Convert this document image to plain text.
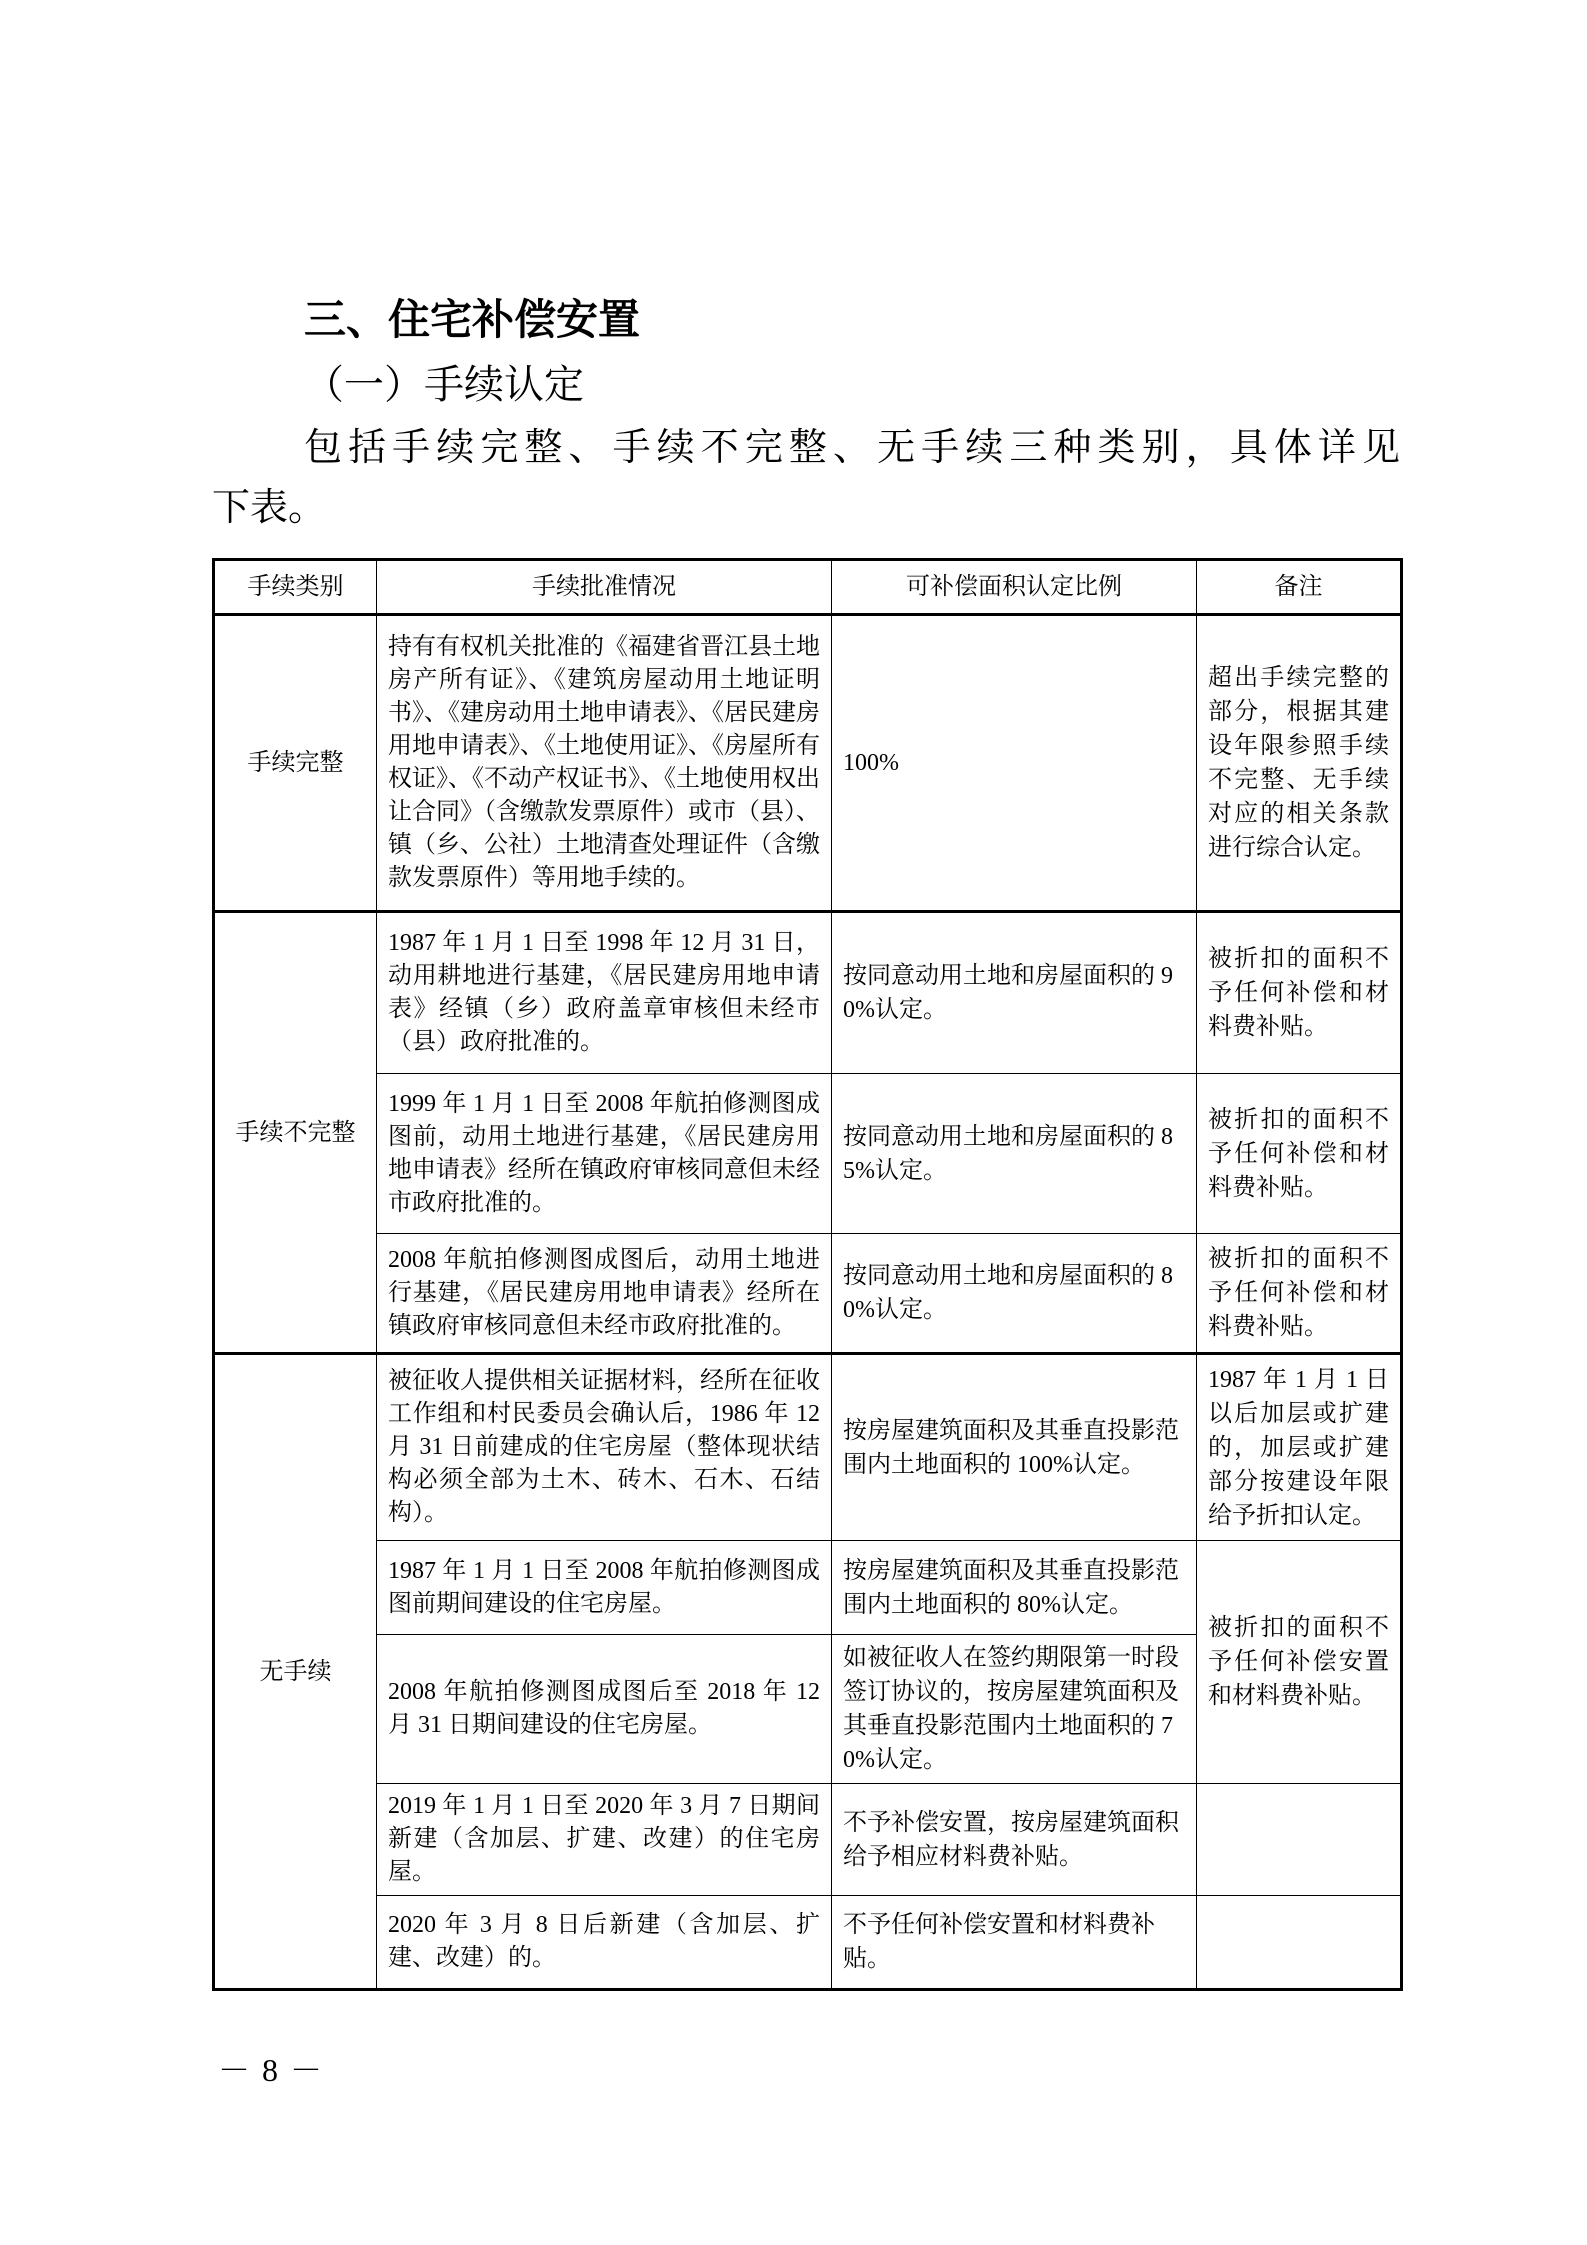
三、住宅补偿安置
（一）手续认定

包括手续完整、手续不完整、无手续三种类别，具体详见
下表。

手续类别	手续批准情况	可补偿面积认定比例	备注
手续完整	持有有权机关批准的《福建省晋江县土地房产所有证》、《建筑房屋动用土地证明书》、《建房动用土地申请表》、《居民建房用地申请表》、《土地使用证》、《房屋所有权证》、《不动产权证书》、《土地使用权出让合同》（含缴款发票原件）或市（县）、镇（乡、公社）土地清查处理证件（含缴款发票原件）等用地手续的。	100%	超出手续完整的部分，根据其建设年限参照手续不完整、无手续对应的相关条款进行综合认定。
手续不完整	1987 年 1 月 1 日至 1998 年 12 月 31 日，动用耕地进行基建，《居民建房用地申请表》经镇（乡）政府盖章审核但未经市（县）政府批准的。	按同意动用土地和房屋面积的 90%认定。	被折扣的面积不予任何补偿和材料费补贴。
	1999 年 1 月 1 日至 2008 年航拍修测图成图前，动用土地进行基建，《居民建房用地申请表》经所在镇政府审核同意但未经市政府批准的。	按同意动用土地和房屋面积的 85%认定。	被折扣的面积不予任何补偿和材料费补贴。
	2008 年航拍修测图成图后，动用土地进行基建，《居民建房用地申请表》经所在镇政府审核同意但未经市政府批准的。	按同意动用土地和房屋面积的 80%认定。	被折扣的面积不予任何补偿和材料费补贴。
无手续	被征收人提供相关证据材料，经所在征收工作组和村民委员会确认后，1986 年 12 月 31 日前建成的住宅房屋（整体现状结构必须全部为土木、砖木、石木、石结构）。	按房屋建筑面积及其垂直投影范围内土地面积的 100%认定。	1987 年 1 月 1 日以后加层或扩建的，加层或扩建部分按建设年限给予折扣认定。
	1987 年 1 月 1 日至 2008 年航拍修测图成图前期间建设的住宅房屋。	按房屋建筑面积及其垂直投影范围内土地面积的 80%认定。	被折扣的面积不予任何补偿安置和材料费补贴。
	2008 年航拍修测图成图后至 2018 年 12 月 31 日期间建设的住宅房屋。	如被征收人在签约期限第一时段签订协议的，按房屋建筑面积及其垂直投影范围内土地面积的 70%认定。	
	2019 年 1 月 1 日至 2020 年 3 月 7 日期间新建（含加层、扩建、改建）的住宅房屋。	不予补偿安置，按房屋建筑面积给予相应材料费补贴。	
	2020 年 3 月 8 日后新建（含加层、扩建、改建）的。	不予任何补偿安置和材料费补贴。	
－ 8 －
